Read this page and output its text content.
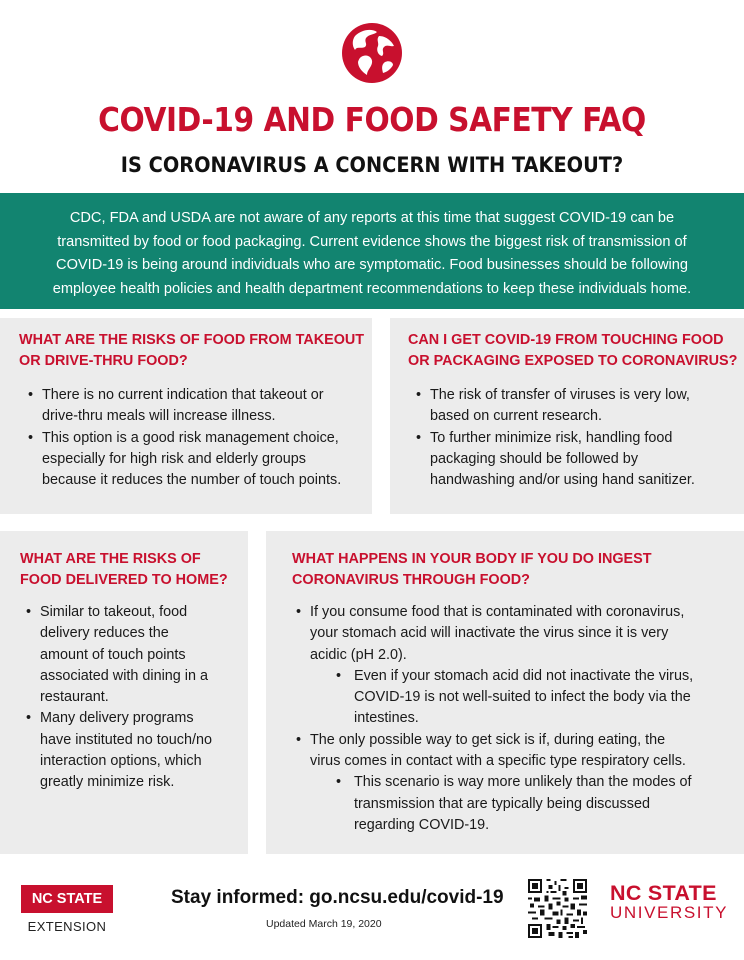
COVID-19 AND FOOD SAFETY FAQ
IS CORONAVIRUS A CONCERN WITH TAKEOUT?
CDC, FDA and USDA are not aware of any reports at this time that suggest COVID-19 can be
transmitted by food or food packaging. Current evidence shows the biggest risk of transmission of
COVID-19 is being around individuals who are symptomatic. Food businesses should be following
employee health policies and health department recommendations to keep these individuals home.
WHAT ARE THE RISKS OF FOOD FROM TAKEOUT
OR DRIVE-THRU FOOD?
• There is no current indication that takeout or
drive-thru meals will increase illness.
• This option is a good risk management choice,
especially for high risk and elderly groups
because it reduces the number of touch points.
CAN I GET COVID-19 FROM TOUCHING FOOD
OR PACKAGING EXPOSED TO CORONAVIRUS?
• The risk of transfer of viruses is very low,
based on current research.
• To further minimize risk, handling food
packaging should be followed by
handwashing and/or using hand sanitizer.
WHAT ARE THE RISKS OF
FOOD DELIVERED TO HOME?
• Similar to takeout, food
delivery reduces the
amount of touch points
associated with dining in a
restaurant.
• Many delivery programs
have instituted no touch/no
interaction options, which
greatly minimize risk.
WHAT HAPPENS IN YOUR BODY IF YOU DO INGEST
CORONAVIRUS THROUGH FOOD?
• If you consume food that is contaminated with coronavirus,
your stomach acid will inactivate the virus since it is very
acidic (pH 2.0).
• Even if your stomach acid did not inactivate the virus,
COVID-19 is not well-suited to infect the body via the
intestines.
• The only possible way to get sick is if, during eating, the
virus comes in contact with a specific type respiratory cells.
• This scenario is way more unlikely than the modes of
transmission that are typically being discussed
regarding COVID-19.
NC STATE
EXTENSION
Stay informed: go.ncsu.edu/covid-19
Updated March 19, 2020
NC STATE
UNIVERSITY
